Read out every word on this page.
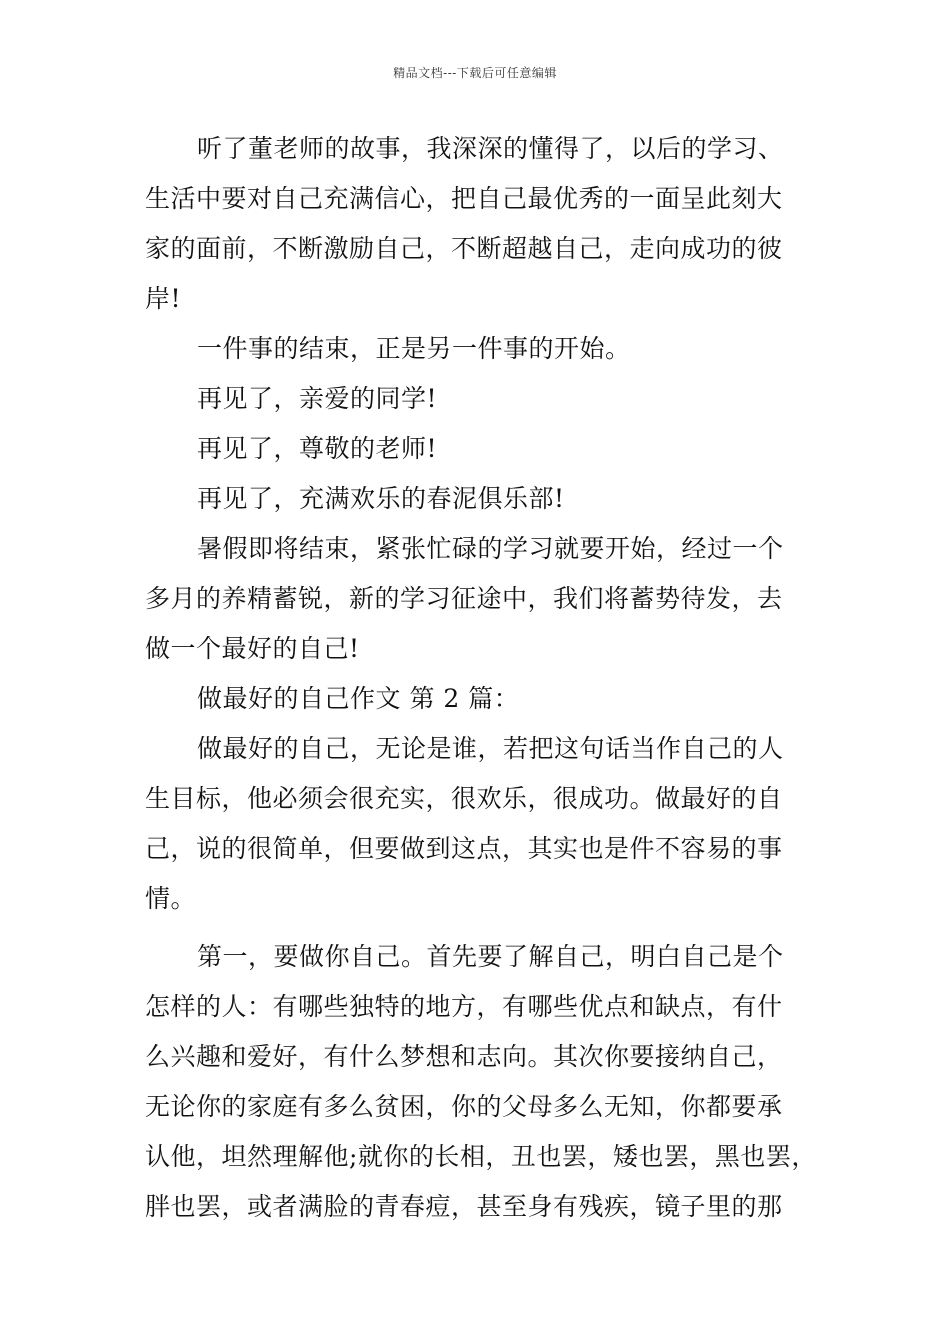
精品文档---下载后可任意编辑
听了董老师的故事，我深深的懂得了，以后的学习、
生活中要对自己充满信心，把自己最优秀的一面呈此刻大
家的面前，不断激励自己，不断超越自己，走向成功的彼
岸!
一件事的结束，正是另一件事的开始。
再见了，亲爱的同学!
再见了，尊敬的老师!
再见了，充满欢乐的春泥俱乐部!
暑假即将结束，紧张忙碌的学习就要开始，经过一个
多月的养精蓄锐，新的学习征途中，我们将蓄势待发，去
做一个最好的自己!
做最好的自己作文 第 2 篇：
做最好的自己，无论是谁，若把这句话当作自己的人
生目标，他必须会很充实，很欢乐，很成功。做最好的自
己，说的很简单，但要做到这点，其实也是件不容易的事
情。
第一，要做你自己。首先要了解自己，明白自己是个
怎样的人：有哪些独特的地方，有哪些优点和缺点，有什
么兴趣和爱好，有什么梦想和志向。其次你要接纳自己，
无论你的家庭有多么贫困，你的父母多么无知，你都要承
认他，坦然理解他;就你的长相，丑也罢，矮也罢，黑也罢，
胖也罢，或者满脸的青春痘，甚至身有残疾，镜子里的那
